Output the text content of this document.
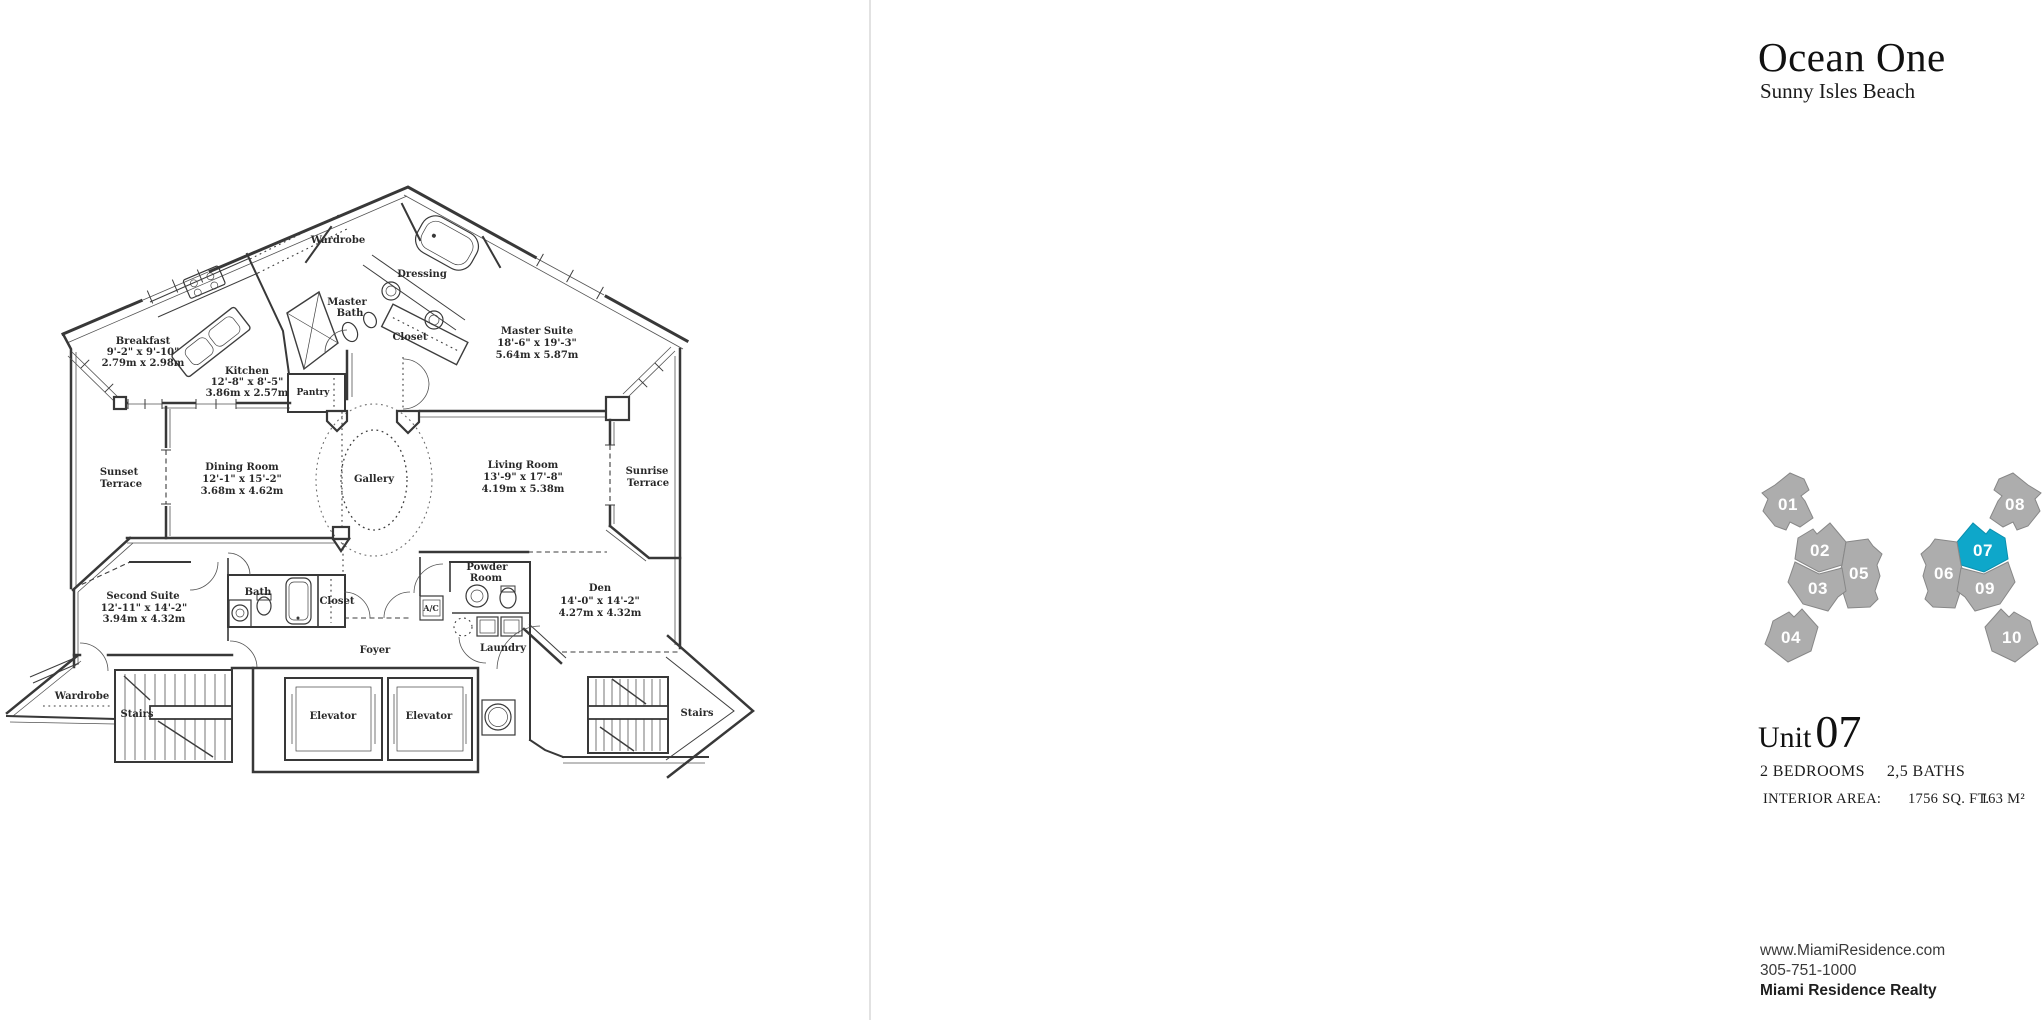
Wardrobe
Dressing
Master
Bath
Closet
Breakfast
9'-2" x 9'-10"
2.79m x 2.98m
Kitchen
12'-8" x 8'-5"
3.86m x 2.57m Pantry
Master Suite
18'-6" x 19'-3"
5.64m x 5.87m
Sunset
Terrace
Dining Room
12'-1" x 15'-2"
3.68m x 4.62m
Gallery
Living Room
13'-9" x 17'-8"
4.19m x 5.38m
Sunrise
Terrace
Second Suite
12'-11" x 14'-2"
3.94m x 4.32m
Bath
Closet
Powder
Room
A/C
Den
14'-0" x 14'-2"
4.27m x 4.32m
Laundry
Foyer
Wardrobe
Stairs	Elevator	Elevator	Stairs
Ocean One
Sunny Isles Beach
01
02
05
03
04
08
07
06
09
10
Unit 07
2 BEDROOMS 2,5 BATHS
INTERIOR AREA: 1756 SQ. FT.
163 M²
www.MiamiResidence.com
305-751-1000
Miami Residence Realty
